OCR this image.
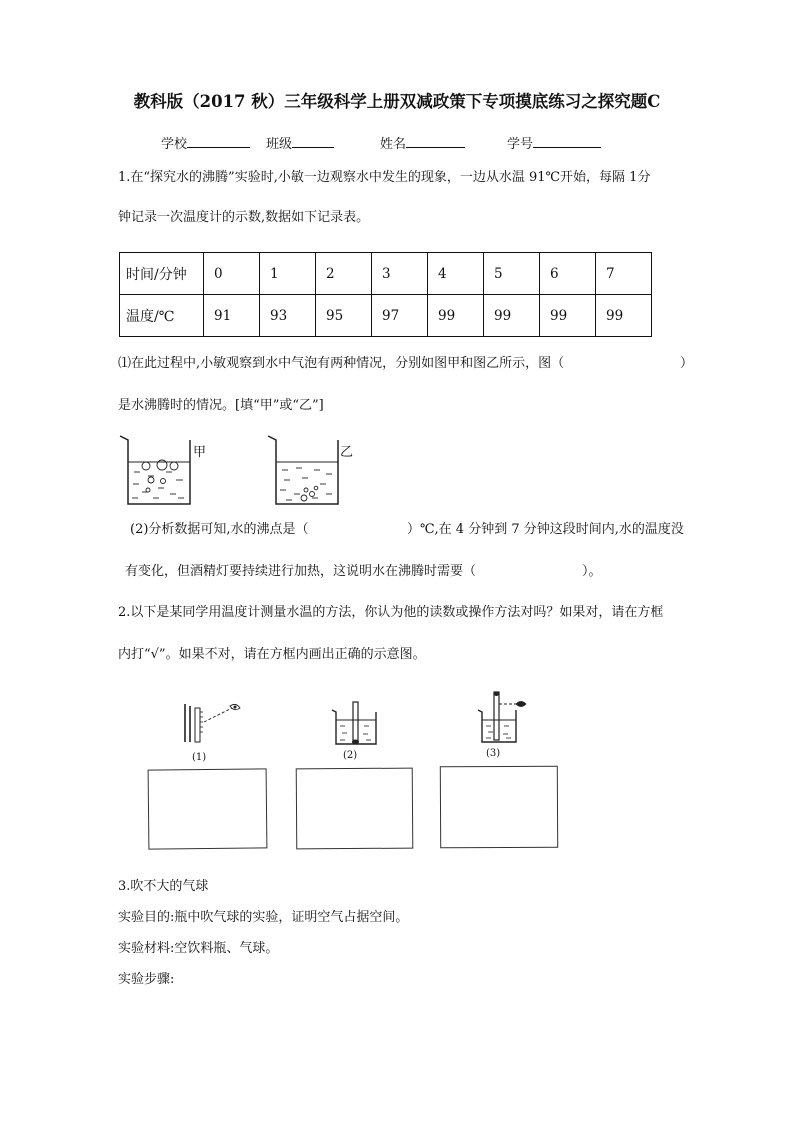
教科版（2017 秋）三年级科学上册双减政策下专项摸底练习之探究题C
学校	班级	姓名	学号
1.在“探究水的沸腾”实验时,小敏一边观察水中发生的现象，一边从水温 91℃开始，每隔 1分
钟记录一次温度计的示数,数据如下记录表。
时间/分钟	0	1	2	3	4	5	6	7
温度/℃	91	93	95	97	99	99	99	99
⑴在此过程中,小敏观察到水中气泡有两种情况，分别如图甲和图乙所示，图（	）
是水沸腾时的情况。[填“甲”或“乙”]
甲	乙
(2)分析数据可知,水的沸点是（	）℃,在 4 分钟到 7 分钟这段时间内,水的温度没
有变化，但酒精灯要持续进行加热，这说明水在沸腾时需要（	）。
2.以下是某同学用温度计测量水温的方法，你认为他的读数或操作方法对吗？如果对，请在方框
内打“√”。如果不对，请在方框内画出正确的示意图。
(1)	(2)	(3)
3.吹不大的气球
实验目的:瓶中吹气球的实验，证明空气占据空间。
实验材料:空饮料瓶、气球。
实验步骤:
